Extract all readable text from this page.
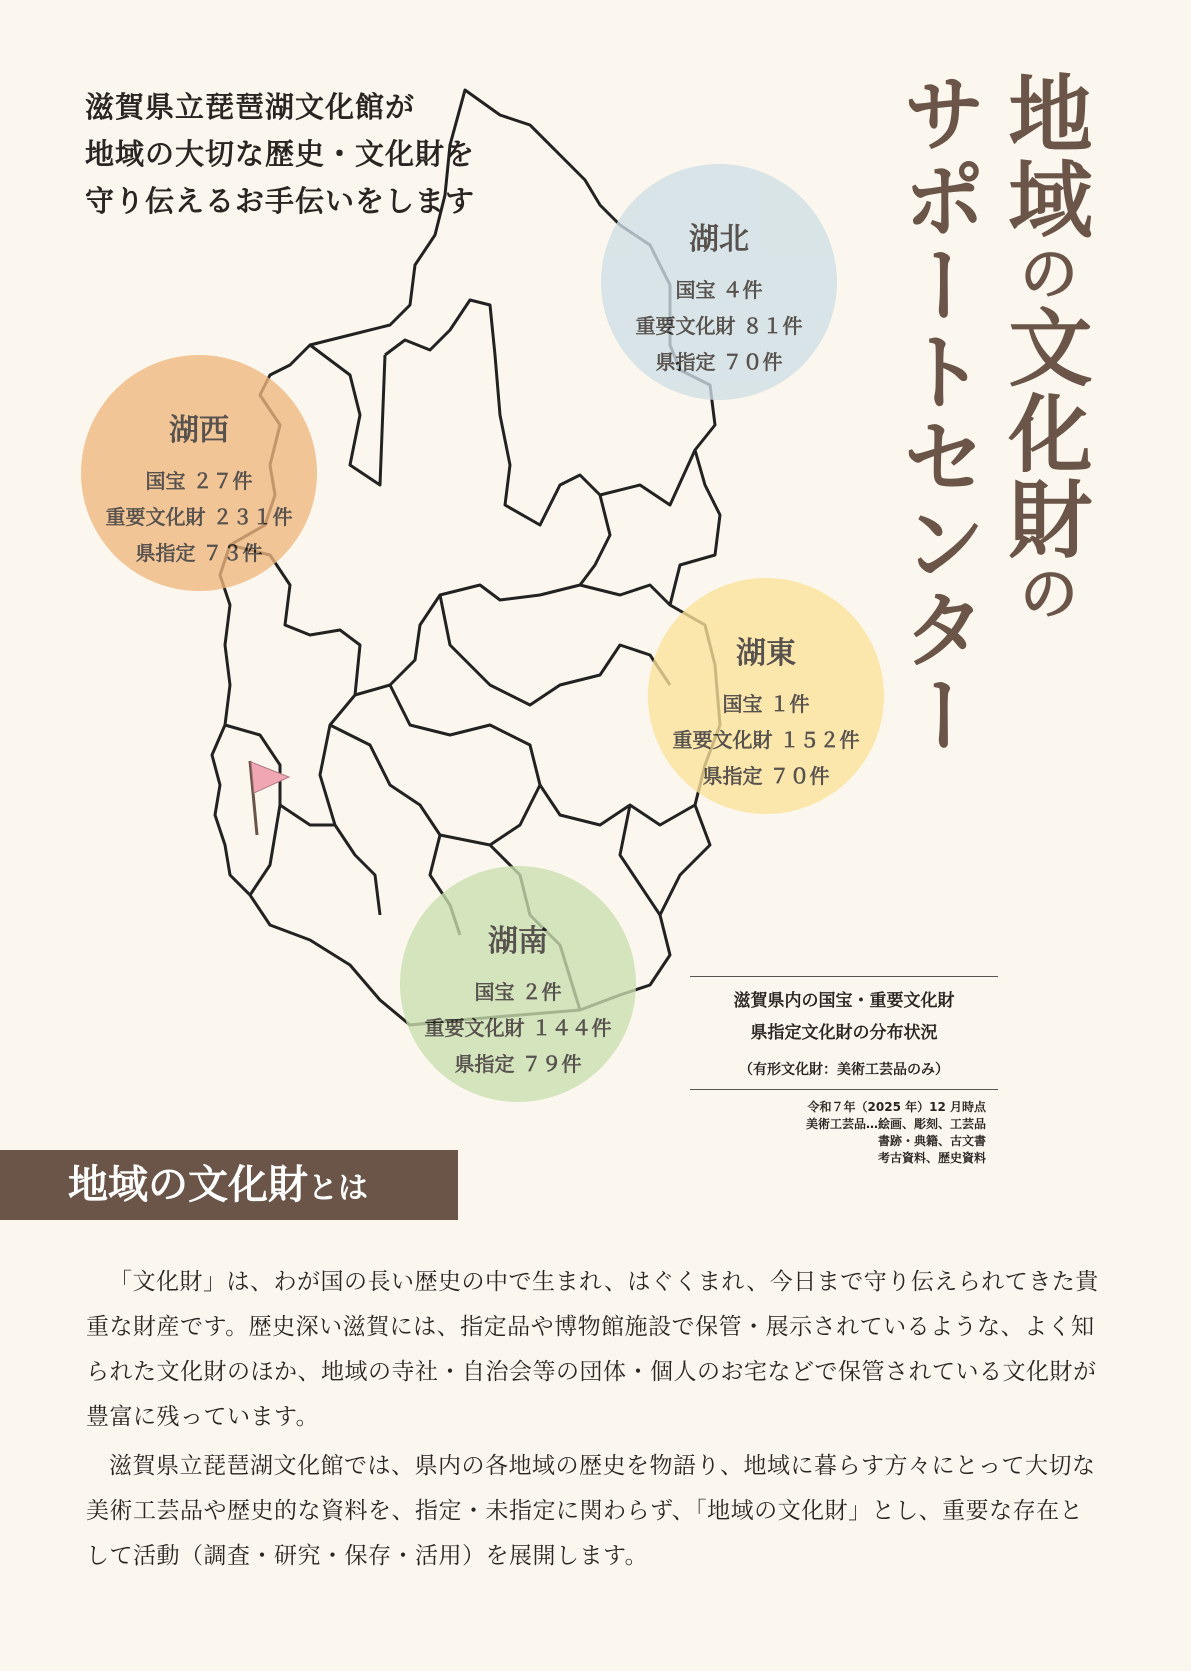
滋賀県立琵琶湖文化館が
地域の大切な歴史・文化財を
守り伝えるお手伝いをします
湖北
国宝 ４件
重要文化財 ８１件
県指定 ７０件
湖西
国宝 ２７件
重要文化財 ２３１件
県指定 ７３件
湖東
国宝 １件
重要文化財 １５２件
県指定 ７０件
湖南
国宝 ２件
重要文化財 １４４件
県指定 ７９件
地域の文化財の
サポートセンター
滋賀県内の国宝・重要文化財
県指定文化財の分布状況
（有形文化財：美術工芸品のみ）
令和７年（2025 年）12 月時点
美術工芸品…絵画、彫刻、工芸品
書跡・典籍、古文書
考古資料、歴史資料
地域の文化財とは

「文化財」は、わが国の長い歴史の中で生まれ、はぐくまれ、今日まで守り伝えられてきた貴重な財産です。歴史深い滋賀には、指定品や博物館施設で保管・展示されているような、よく知られた文化財のほか、地域の寺社・自治会等の団体・個人のお宅などで保管されている文化財が豊富に残っています。

滋賀県立琵琶湖文化館では、県内の各地域の歴史を物語り、地域に暮らす方々にとって大切な美術工芸品や歴史的な資料を、指定・未指定に関わらず、「地域の文化財」とし、重要な存在として活動（調査・研究・保存・活用）を展開します。
